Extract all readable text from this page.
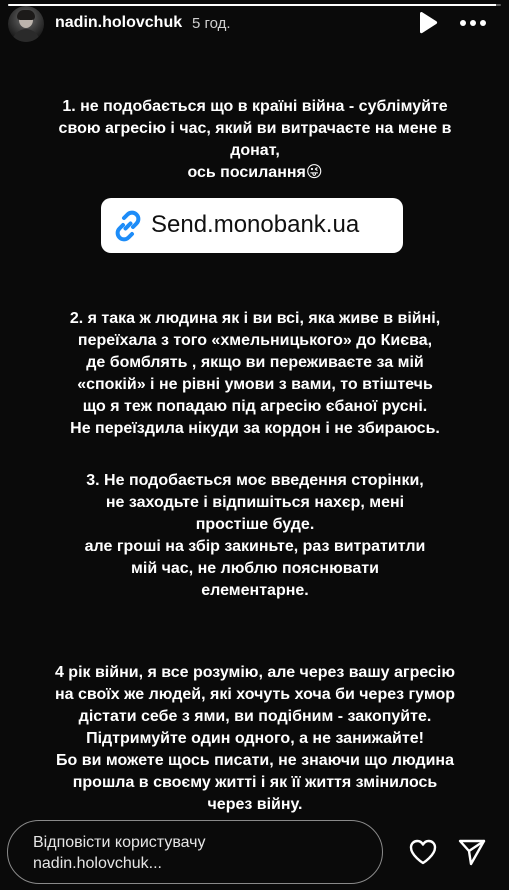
nadin.holovchuk 5 год.
1. не подобається що в країні війна - сублімуйте
свою агресію і час, який ви витрачаєте на мене в
донат,
ось посилання😜
Send.monobank.ua
2. я така ж людина як і ви всі, яка живе в війні,
переїхала з того «хмельницького» до Києва,
де бомблять , якщо ви переживаєте за мій
«спокій» і не рівні умови з вами, то втіштечь
що я теж попадаю під агресію єбаної русні.
Не переїздила нікуди за кордон і не збираюсь.
3. Не подобається моє введення сторінки,
не заходьте і відпишіться нахєр, мені
простіше буде.
але гроші на збір закиньте, раз витратитли
мій час, не люблю пояснювати
елементарне.
4 рік війни, я все розумію, але через вашу агресію
на своїх же людей, які хочуть хоча би через гумор
дістати себе з ями, ви подібним - закопуйте.
Підтримуйте один одного, а не занижайте!
Бо ви можете щось писати, не знаючи що людина
прошла в своєму житті і як її життя змінилось
через війну.
Відповісти користувачу
nadin.holovchuk...
